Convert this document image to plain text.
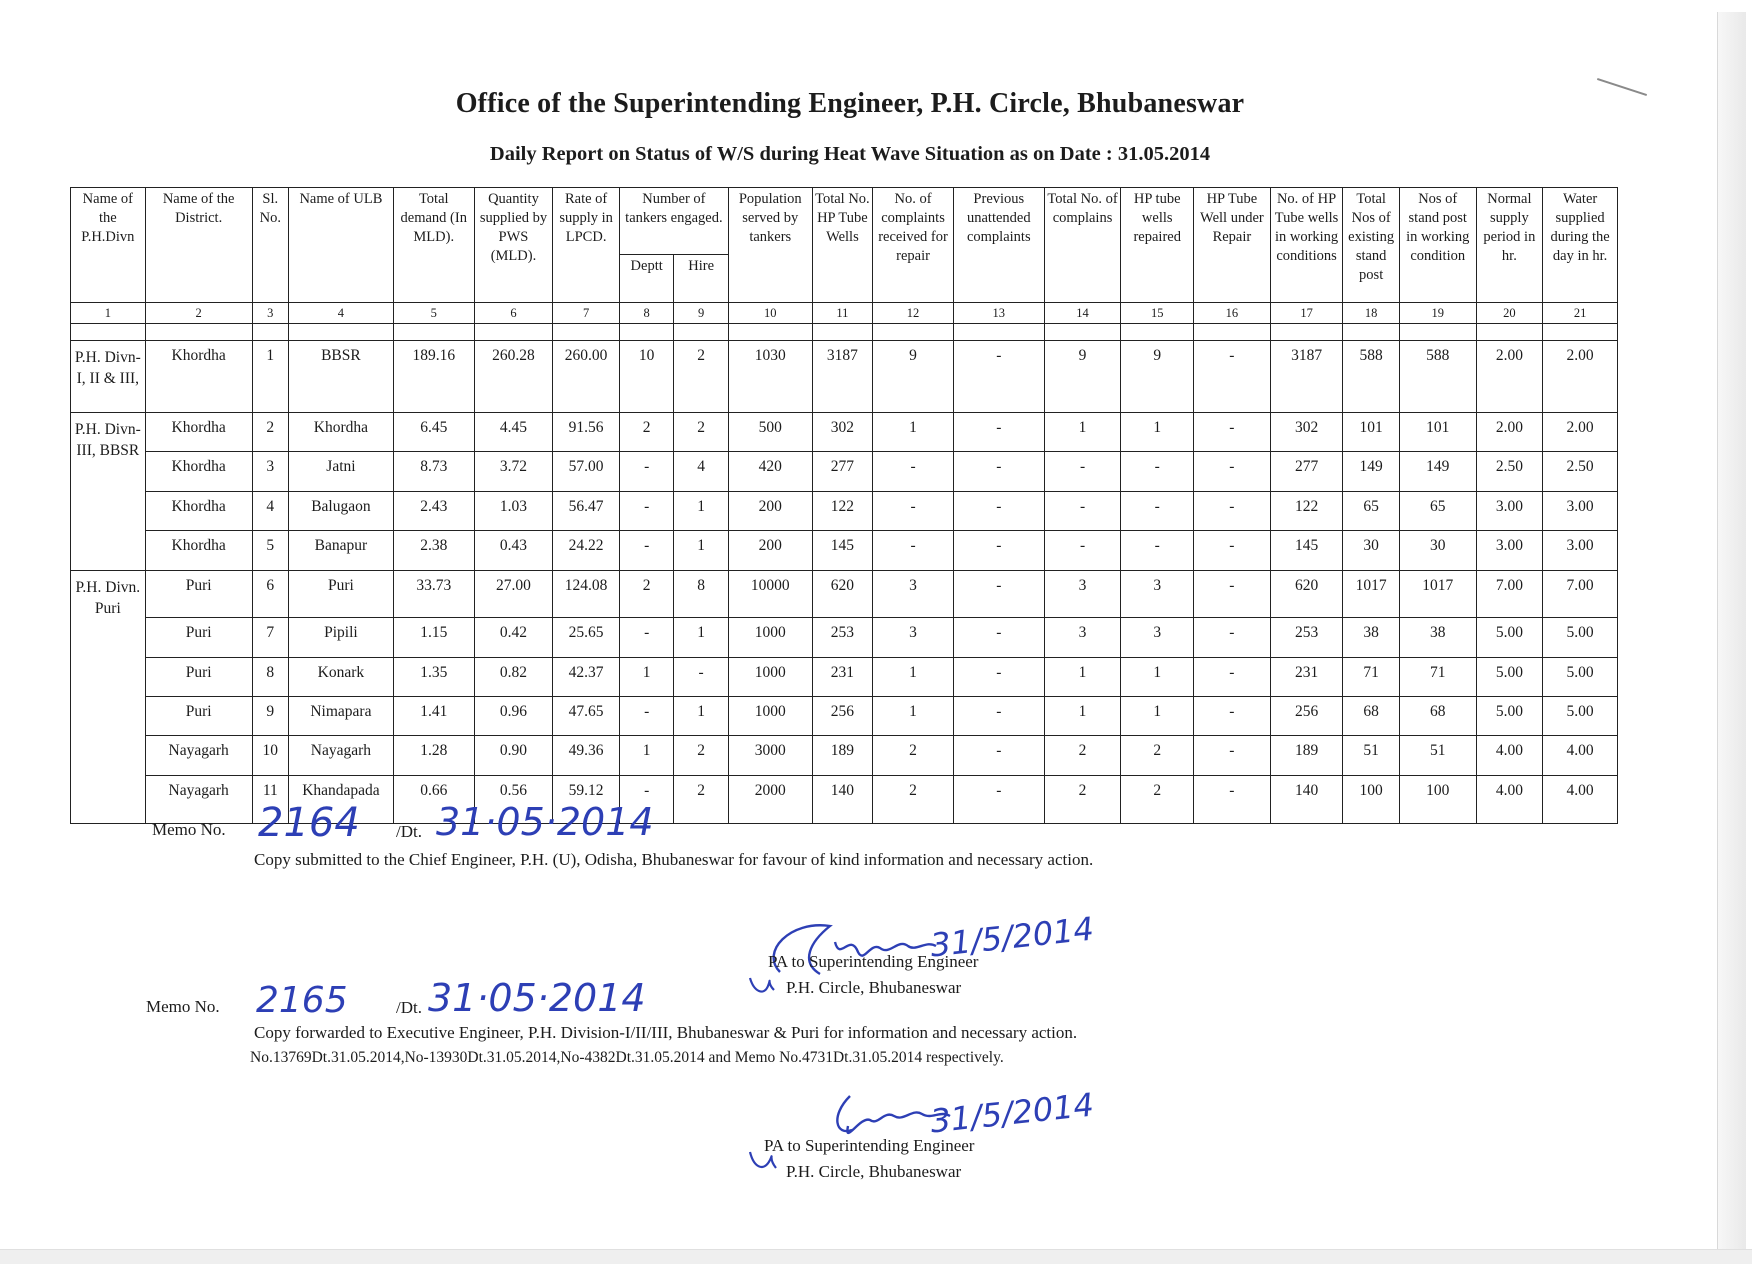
Office of the Superintending Engineer, P.H. Circle, Bhubaneswar
Daily Report on Status of W/S during Heat Wave Situation as on Date : 31.05.2014
Name of the P.H.Divn	Name of the District.	Sl. No.	Name of ULB	Total demand (In MLD).	Quantity supplied by PWS (MLD).	Rate of supply in LPCD.	Number of tankers engaged.		Population served by tankers	Total No. HP Tube Wells	No. of complaints received for repair	Previous unattended complaints	Total No. of complains	HP tube wells repaired	HP Tube Well under Repair	No. of HP Tube wells in working conditions	Total Nos of existing stand post	Nos of stand post in working condition	Normal supply period in hr.	Water supplied during the day in hr.
							Deptt	Hire												
1	2	3	4	5	6	7	8	9	10	11	12	13	14	15	16	17	18	19	20	21

P.H. Divn-I, II & III,	Khordha	1	BBSR	189.16	260.28	260.00	10	2	1030	3187	9	-	9	9	-	3187	588	588	2.00	2.00
P.H. Divn-III, BBSR	Khordha	2	Khordha	6.45	4.45	91.56	2	2	500	302	1	-	1	1	-	302	101	101	2.00	2.00
	Khordha	3	Jatni	8.73	3.72	57.00	-	4	420	277	-	-	-	-	-	277	149	149	2.50	2.50
	Khordha	4	Balugaon	2.43	1.03	56.47	-	1	200	122	-	-	-	-	-	122	65	65	3.00	3.00
	Khordha	5	Banapur	2.38	0.43	24.22	-	1	200	145	-	-	-	-	-	145	30	30	3.00	3.00
P.H. Divn. Puri	Puri	6	Puri	33.73	27.00	124.08	2	8	10000	620	3	-	3	3	-	620	1017	1017	7.00	7.00
	Puri	7	Pipili	1.15	0.42	25.65	-	1	1000	253	3	-	3	3	-	253	38	38	5.00	5.00
	Puri	8	Konark	1.35	0.82	42.37	1	-	1000	231	1	-	1	1	-	231	71	71	5.00	5.00
	Puri	9	Nimapara	1.41	0.96	47.65	-	1	1000	256	1	-	1	1	-	256	68	68	5.00	5.00
	Nayagarh	10	Nayagarh	1.28	0.90	49.36	1	2	3000	189	2	-	2	2	-	189	51	51	4.00	4.00
	Nayagarh	11	Khandapada	0.66	0.56	59.12	-	2	2000	140	2	-	2	2	-	140	100	100	4.00	4.00
Memo No. 2164 /Dt. 31·05·2014
Copy submitted to the Chief Engineer, P.H. (U), Odisha, Bhubaneswar for favour of kind information and necessary action.
31/5/2014
PA to Superintending Engineer
P.H. Circle, Bhubaneswar
Memo No. 2165	/Dt. 31·05·2014
Copy forwarded to Executive Engineer, P.H. Division-I/II/III, Bhubaneswar & Puri for information and necessary action.
No.13769Dt.31.05.2014,No-13930Dt.31.05.2014,No-4382Dt.31.05.2014 and Memo No.4731Dt.31.05.2014 respectively.
31/5/2014
PA to Superintending Engineer
P.H. Circle, Bhubaneswar
